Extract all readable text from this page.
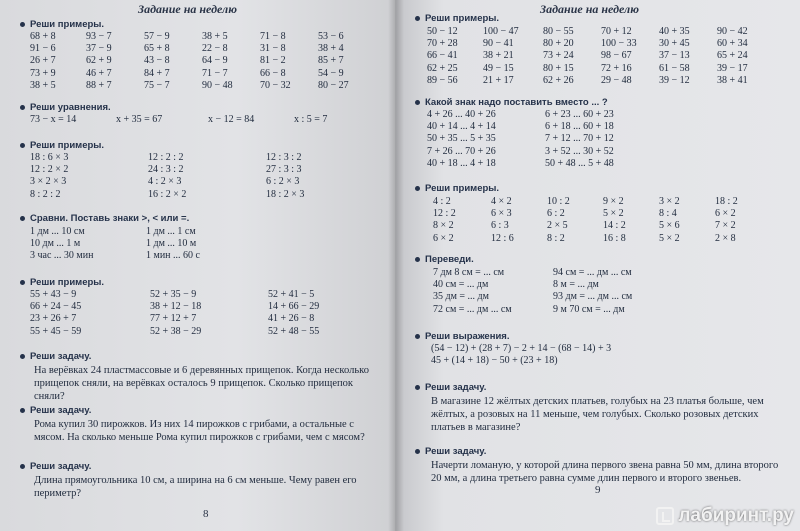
Задание на неделю
Реши примеры.
68 + 8	93 − 7	57 − 9	38 + 5	71 − 8	53 − 6
91 − 6	37 − 9	65 + 8	22 − 8	31 − 8	38 + 4
26 + 7	62 + 9	43 − 8	64 − 9	81 − 2	85 + 7
73 + 9	46 + 7	84 + 7	71 − 7	66 − 8	54 − 9
38 + 5	88 + 7	75 − 7	90 − 48	70 − 32	80 − 27
Реши уравнения.
73 − x = 14	x + 35 = 67	x − 12 = 84	x : 5 = 7
Реши примеры.
18 : 6 × 3	12 : 2 : 2	12 : 3 : 2
12 : 2 × 2	24 : 3 : 2	27 : 3 : 3
3 × 2 × 3	4 : 2 × 3	6 : 2 × 3
8 : 2 : 2	16 : 2 × 2	18 : 2 × 3
Сравни. Поставь знаки >, < или =.
1 дм ... 10 см	1 дм ... 1 см
10 дм ... 1 м	1 дм ... 10 м
3 час ... 30 мин	1 мин ... 60 с
Реши примеры.
55 + 43 − 9	52 + 35 − 9	52 + 41 − 5
66 + 24 − 45	38 + 12 − 18	14 + 66 − 29
23 + 26 + 7	77 + 12 + 7	41 + 26 − 8
55 + 45 − 59	52 + 38 − 29	52 + 48 − 55
Реши задачу.
На верёвках 24 пластмассовые и 6 деревянных прищепок. Когда несколько прищепок сняли, на верёвках осталось 9 прищепок. Сколько прищепок сняли?
Реши задачу.
Рома купил 30 пирожков. Из них 14 пирожков с грибами, а остальные с мясом. На сколько меньше Рома купил пирожков с грибами, чем с мясом?
Реши задачу.
Длина прямоугольника 10 см, а ширина на 6 см меньше. Чему равен его периметр?
8
Задание на неделю
Реши примеры.
50 − 12	100 − 47	80 − 55	70 + 12	40 + 35	90 − 42
70 + 28	90 − 41	80 + 20	100 − 33	30 + 45	60 + 34
66 − 41	38 + 21	73 + 24	98 − 67	37 − 13	65 + 24
62 + 25	49 − 15	80 + 15	72 + 16	61 − 58	39 − 17
89 − 56	21 + 17	62 + 26	29 − 48	39 − 12	38 + 41
Какой знак надо поставить вместо ... ?
4 + 26 ... 40 + 26	6 + 23 ... 60 + 23
40 + 14 ... 4 + 14	6 + 18 ... 60 + 18
50 + 35 ... 5 + 35	7 + 12 ... 70 + 12
7 + 26 ... 70 + 26	3 + 52 ... 30 + 52
40 + 18 ... 4 + 18	50 + 48 ... 5 + 48
Реши примеры.
4 : 2	4 × 2	10 : 2	9 × 2	3 × 2	18 : 2
12 : 2	6 × 3	6 : 2	5 × 2	8 : 4	6 × 2
8 × 2	6 : 3	2 × 5	14 : 2	5 × 6	7 × 2
6 × 2	12 : 6	8 : 2	16 : 8	5 × 2	2 × 8
Переведи.
7 дм 8 см = ... см	94 см = ... дм ... см
40 см = ... дм	8 м = ... дм
35 дм = ... дм	93 дм = ... дм ... см
72 см = ... дм ... см	9 м 70 см = ... дм
Реши выражения.
(54 − 12) + (28 + 7) − 2 + 14 − (68 − 14) + 3
45 + (14 + 18) − 50 + (23 + 18)
Реши задачу.
В магазине 12 жёлтых детских платьев, голубых на 23 платья больше, чем жёлтых, а розовых на 11 меньше, чем голубых. Сколько розовых детских платьев в магазине?
Реши задачу.
Начерти ломаную, у которой длина первого звена равна 50 мм, длина второго 20 мм, а длина третьего равна сумме длин первого и второго звеньев.
9
лабиринт.ру
